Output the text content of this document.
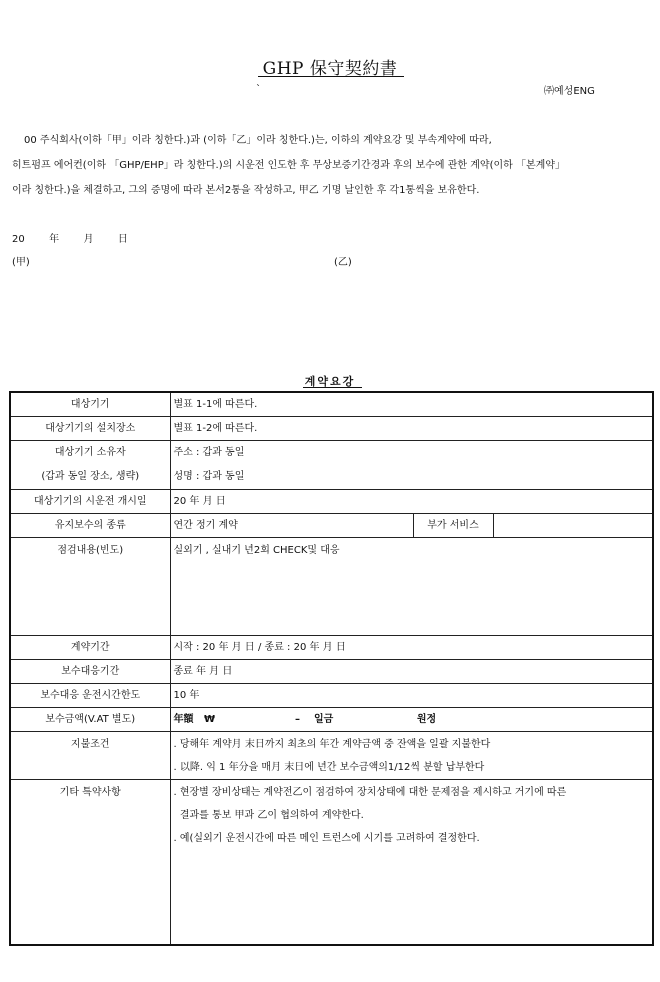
GHP 保守契約書
`	㈜예성ENG
00 주식회사(이하「甲」이라 칭한다.)과 (이하「乙」이라 칭한다.)는, 이하의 계약요강 및 부속계약에 따라,
히트펌프 에어컨(이하 「GHP/EHP」라 칭한다.)의 시운전 인도한 후 무상보증기간경과 후의 보수에 관한 계약(이하 「본계약」
이라 칭한다.)을 체결하고, 그의 증명에 따라 본서2통을 작성하고, 甲乙 기명 날인한 후 각1통씩을 보유한다.
20 年 月 日
(甲)	(乙)
계약요강
대상기기	별표 1-1에 따른다.		
대상기기의 설치장소	별표 1-2에 따른다.		
대상기기 소유자	주소 : 갑과 동일		
(갑과 동일 장소, 생략)	성명 : 갑과 동일		
대상기기의 시운전 개시일	20 年 月 日		
유지보수의 종류	연간 정기 계약	부가 서비스	
점검내용(빈도)	실외기 , 실내기 년2회 CHECK및 대응		
계약기간	시작 : 20 年 月 日 / 종료 : 20 年 月 日		
보수대응기간	종료 年 月 日		
보수대응 운전시간한도	10 年		
보수금액(V.AT 별도)	年額   ₩                       –    일금                        원정		
지불조건	. 당해年 계약月 末日까지 최초의 年간 계약금액 중 잔액을 일괄 지불한다
. 以降. 익 1 年分을 매月 末日에 년간 보수금액의1/12씩 분할 납부한다		

기타 특약사항	. 현장별 장비상태는 계약전乙이 점검하여 장치상태에 대한 문제점을 제시하고 거기에 따른
결과를 통보 甲과 乙이 협의하여 계약한다.
. 예(실외기 운전시간에 따른 메인 트런스에 시기를 고려하여 결정한다.		
